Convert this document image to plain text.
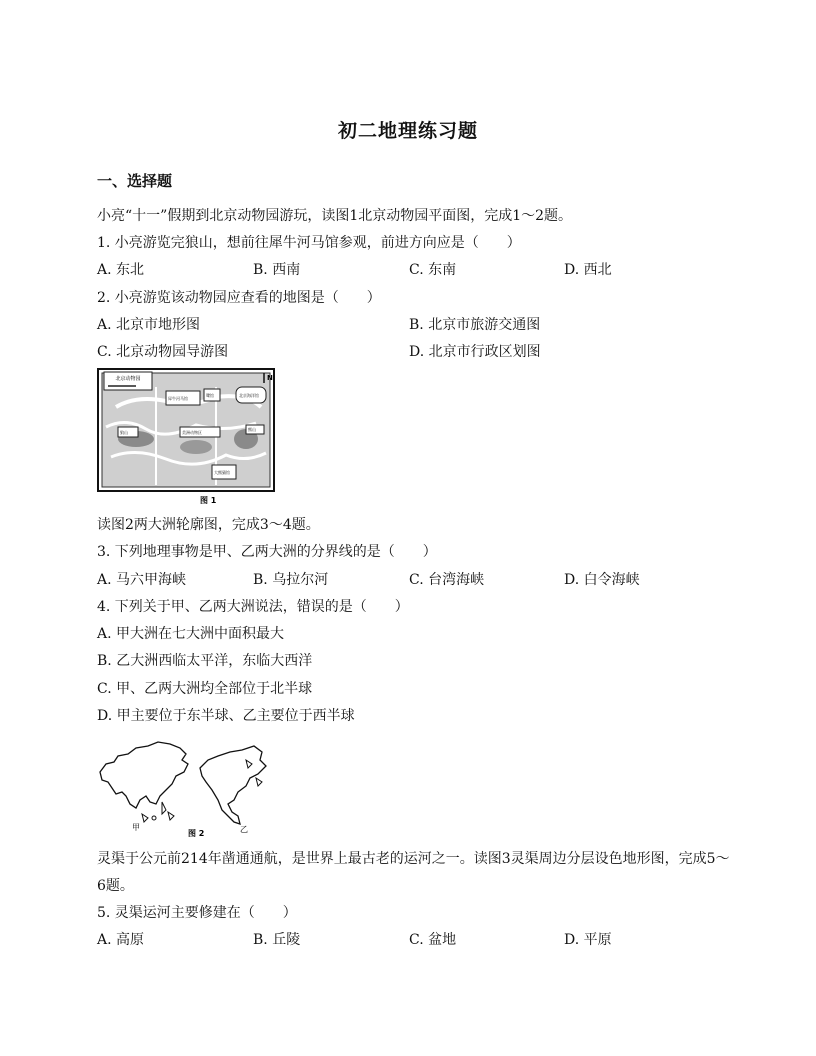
初二地理练习题
一、选择题
小亮“十一”假期到北京动物园游玩，读图1北京动物园平面图，完成1～2题。
1. 小亮游览完狼山，想前往犀牛河马馆参观，前进方向应是（　　）
A. 东北	B. 西南	C. 东南	D. 西北
2. 小亮游览该动物园应查看的地图是（　　）
A. 北京市地形图	B. 北京市旅游交通图
C. 北京动物园导游图	D. 北京市行政区划图
北京动物园	N
犀牛河马馆
鹭馆	北京海洋馆
狼山	美洲动物区
熊山
大熊猫馆
图 1
读图2两大洲轮廓图，完成3～4题。
3. 下列地理事物是甲、乙两大洲的分界线的是（　　）
A. 马六甲海峡	B. 乌拉尔河	C. 台湾海峡	D. 白令海峡
4. 下列关于甲、乙两大洲说法，错误的是（　　）
A. 甲大洲在七大洲中面积最大
B. 乙大洲西临太平洋，东临大西洋
C. 甲、乙两大洲均全部位于北半球
D. 甲主要位于东半球、乙主要位于西半球
甲
图 2	乙
灵渠于公元前214年凿通通航，是世界上最古老的运河之一。读图3灵渠周边分层设色地形图，完成5～
6题。
5. 灵渠运河主要修建在（　　）
A. 高原	B. 丘陵	C. 盆地	D. 平原
